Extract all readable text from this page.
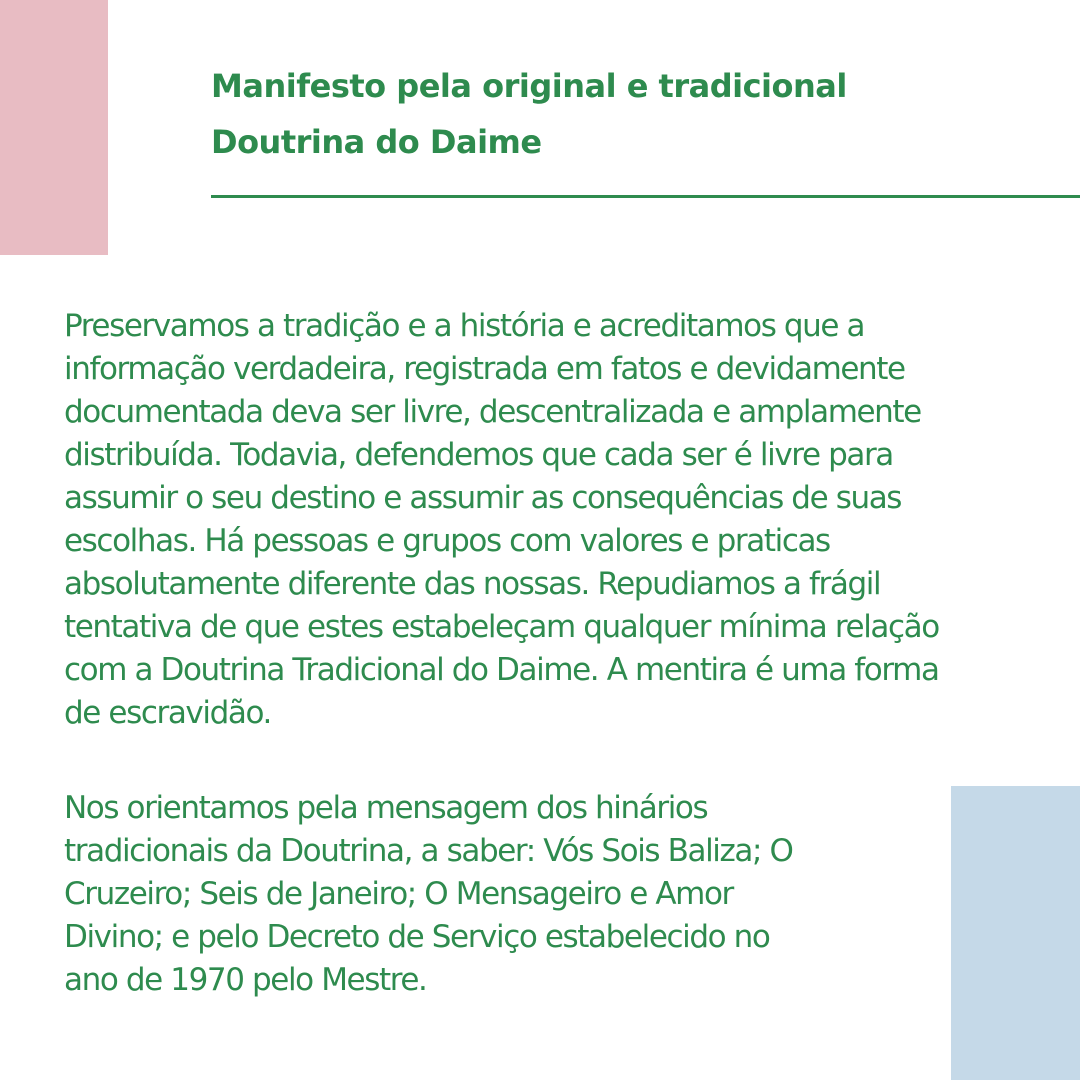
Manifesto pela original e tradicional
Doutrina do Daime

Preservamos a tradição e a história e acreditamos que a
informação verdadeira, registrada em fatos e devidamente
documentada deva ser livre, descentralizada e amplamente
distribuída. Todavia, defendemos que cada ser é livre para
assumir o seu destino e assumir as consequências de suas
escolhas. Há pessoas e grupos com valores e praticas
absolutamente diferente das nossas. Repudiamos a frágil
tentativa de que estes estabeleçam qualquer mínima relação
com a Doutrina Tradicional do Daime. A mentira é uma forma
de escravidão.

Nos orientamos pela mensagem dos hinários
tradicionais da Doutrina, a saber: Vós Sois Baliza; O
Cruzeiro; Seis de Janeiro; O Mensageiro e Amor
Divino; e pelo Decreto de Serviço estabelecido no
ano de 1970 pelo Mestre.
